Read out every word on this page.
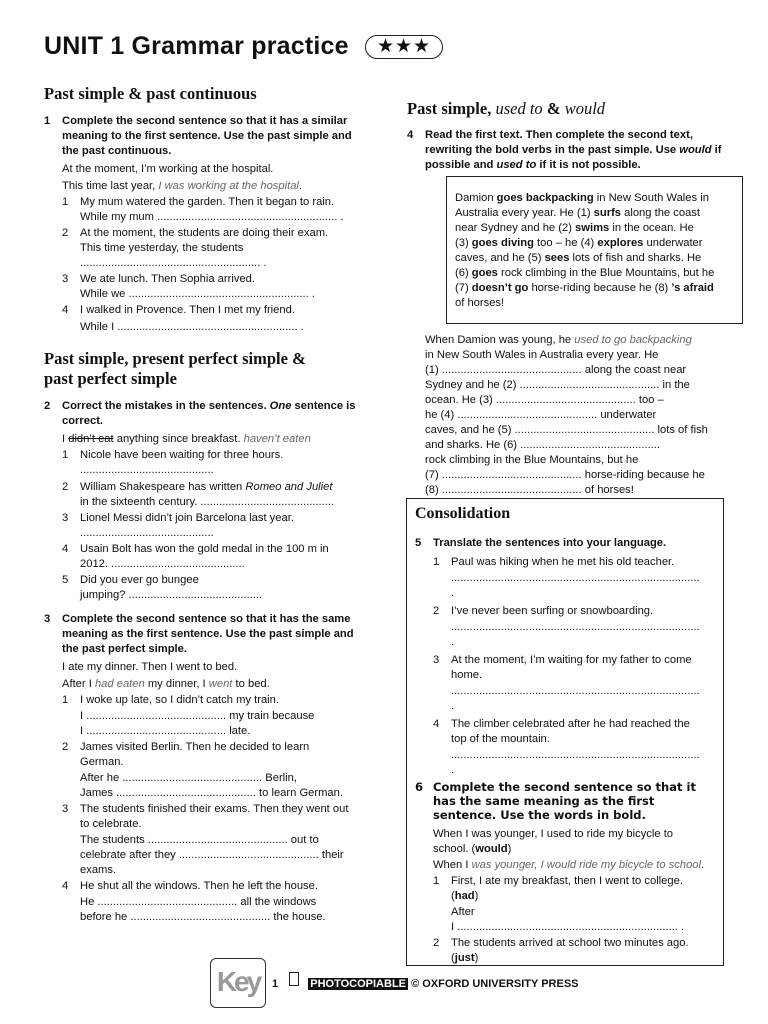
UNIT 1 Grammar practice	★★★
Past simple & past continuous
1 Complete the second sentence so that it has a similar meaning to the first sentence. Use the past simple and the past continuous.
At the moment, I’m working at the hospital.
This time last year, I was working at the hospital.
1 My mum watered the garden. Then it began to rain.
While my mum .......................................................... .
2 At the moment, the students are doing their exam.
This time yesterday, the students
.......................................................... .
3 We ate lunch. Then Sophia arrived.
While we .......................................................... .
4 I walked in Provence. Then I met my friend.
While I .......................................................... .
Past simple, present perfect simple &
past perfect simple
2 Correct the mistakes in the sentences. One sentence is correct.
I didn’t eat anything since breakfast. haven’t eaten
1 Nicole have been waiting for three hours.
...........................................
2 William Shakespeare has written Romeo and Juliet
in the sixteenth century. ...........................................
3 Lionel Messi didn’t join Barcelona last year.
...........................................
4 Usain Bolt has won the gold medal in the 100 m in
2012. ...........................................
5 Did you ever go bungee
jumping? ...........................................
3 Complete the second sentence so that it has the same meaning as the first sentence. Use the past simple and the past perfect simple.
I ate my dinner. Then I went to bed.
After I had eaten my dinner, I went to bed.
1 I woke up late, so I didn’t catch my train.
I ............................................. my train because
I ............................................. late.
2 James visited Berlin. Then he decided to learn
German.
After he ............................................. Berlin,
James ............................................. to learn German.
3 The students finished their exams. Then they went out
to celebrate.
The students ............................................. out to
celebrate after they ............................................. their
exams.
4 He shut all the windows. Then he left the house.
He ............................................. all the windows
before he ............................................. the house.
Past simple, used to & would
4 Read the first text. Then complete the second text, rewriting the bold verbs in the past simple. Use would if possible and used to if it is not possible.
Damion goes backpacking in New South Wales in
Australia every year. He (1) surfs along the coast
near Sydney and he (2) swims in the ocean. He
(3) goes diving too – he (4) explores underwater
caves, and he (5) sees lots of fish and sharks. He
(6) goes rock climbing in the Blue Mountains, but he
(7) doesn’t go horse-riding because he (8) ’s afraid
of horses!
When Damion was young, he used to go backpacking
in New South Wales in Australia every year. He
(1) ............................................. along the coast near
Sydney and he (2) ............................................. in the
ocean. He (3) ............................................. too –
he (4) ............................................. underwater
caves, and he (5) ............................................. lots of fish
and sharks. He (6) .............................................
rock climbing in the Blue Mountains, but he
(7) ............................................. horse-riding because he
(8) ............................................. of horses!
Consolidation
5 Translate the sentences into your language.
1 Paul was hiking when he met his old teacher.
................................................................................
.
2 I’ve never been surfing or snowboarding.
................................................................................
.
3 At the moment, I’m waiting for my father to come
home.
................................................................................
.
4 The climber celebrated after he had reached the
top of the mountain.
................................................................................
.
6 Complete the second sentence so that it has the same meaning as the first sentence. Use the words in bold.
When I was younger, I used to ride my bicycle to
school. (would)
When I was younger, I would ride my bicycle to school.
1 First, I ate my breakfast, then I went to college.
(had)
After
I ....................................................................... .
2 The students arrived at school two minutes ago.
(just)
Key	1	PHOTOCOPIABLE © OXFORD UNIVERSITY PRESS
